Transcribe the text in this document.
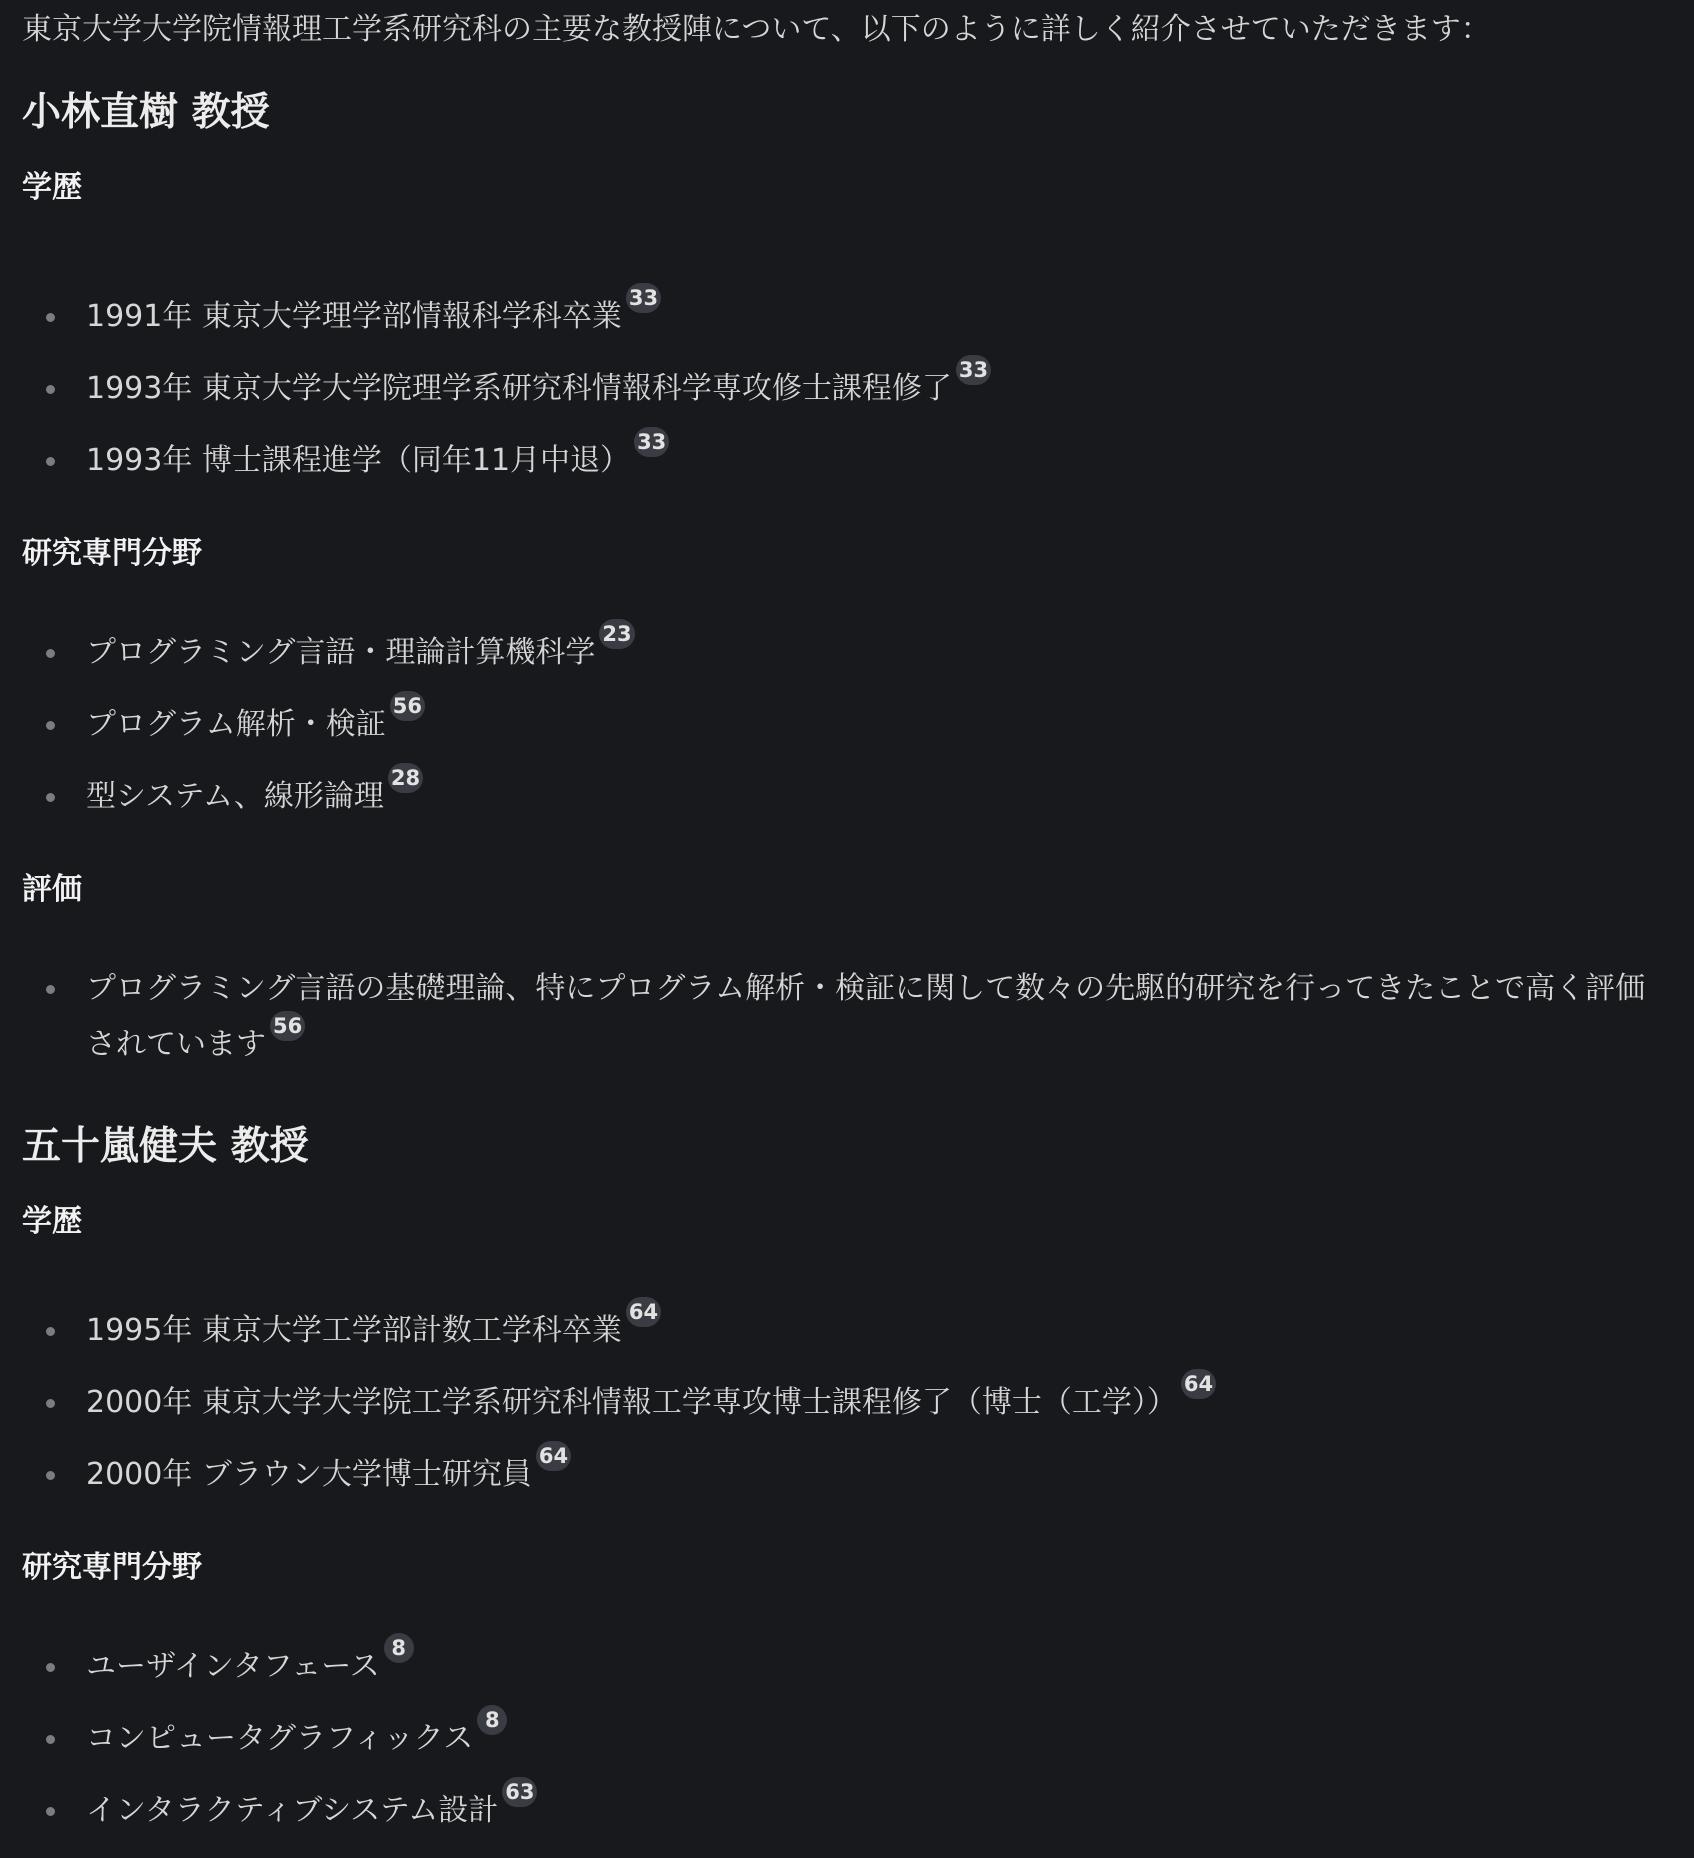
東京大学大学院情報理工学系研究科の主要な教授陣について、以下のように詳しく紹介させていただきます：
小林直樹 教授
学歴
1991年 東京大学理学部情報科学科卒業33
1993年 東京大学大学院理学系研究科情報科学専攻修士課程修了33
1993年 博士課程進学（同年11月中退）33
研究専門分野
プログラミング言語・理論計算機科学23
プログラム解析・検証56
型システム、線形論理28
評価
プログラミング言語の基礎理論、特にプログラム解析・検証に関して数々の先駆的研究を行ってきたことで高く評価されています56
五十嵐健夫 教授
学歴
1995年 東京大学工学部計数工学科卒業64
2000年 東京大学大学院工学系研究科情報工学専攻博士課程修了（博士（工学））64
2000年 ブラウン大学博士研究員64
研究専門分野
ユーザインタフェース8
コンピュータグラフィックス8
インタラクティブシステム設計63
